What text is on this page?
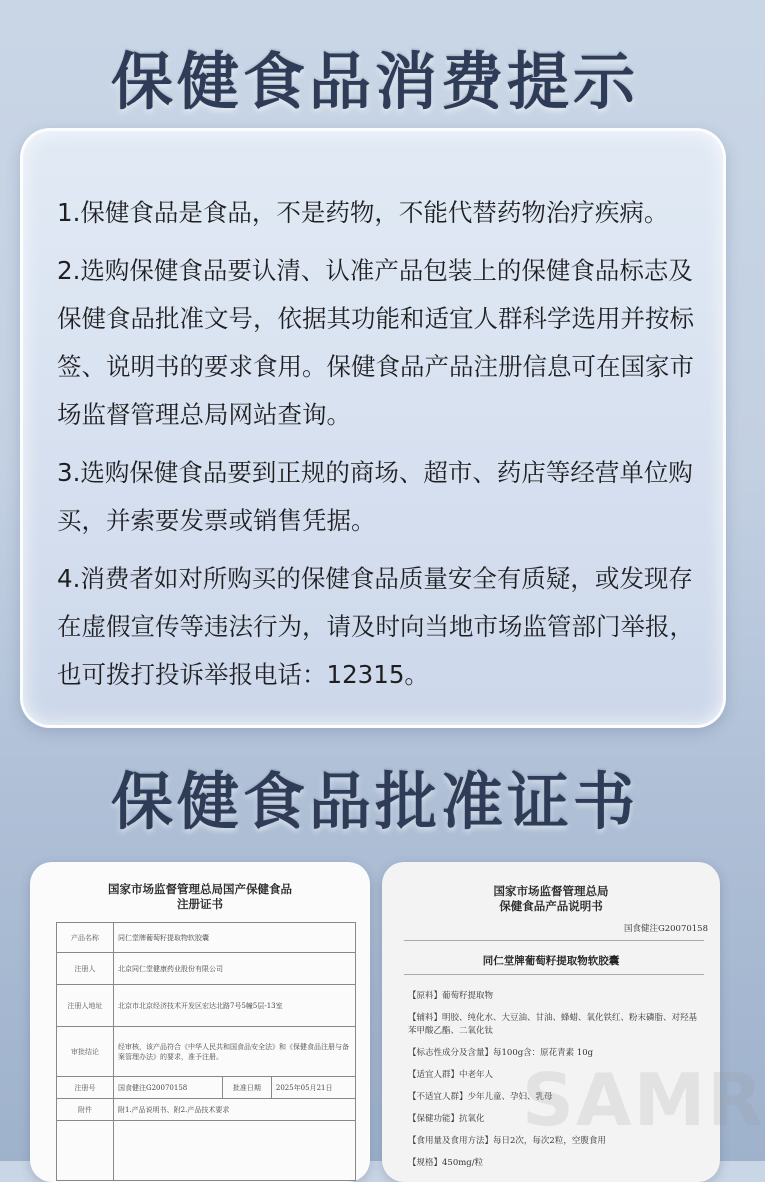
保健食品消费提示

1.保健食品是食品，不是药物，不能代替药物治疗疾病。

2.选购保健食品要认清、认准产品包装上的保健食品标志及保健食品批准文号，依据其功能和适宜人群科学选用并按标签、说明书的要求食用。保健食品产品注册信息可在国家市场监督管理总局网站查询。

3.选购保健食品要到正规的商场、超市、药店等经营单位购买，并索要发票或销售凭据。

4.消费者如对所购买的保健食品质量安全有质疑，或发现存在虚假宣传等违法行为，请及时向当地市场监管部门举报，也可拨打投诉举报电话：12315。

保健食品批准证书
国家市场监督管理总局国产保健食品
注册证书
产品名称	同仁堂牌葡萄籽提取物软胶囊		
注册人	北京同仁堂健康药业股份有限公司		
注册人地址	北京市北京经济技术开发区宏达北路7号5幢5层-13室		
审批结论	经审核，该产品符合《中华人民共和国食品安全法》和《保健食品注册与备案管理办法》的要求，准予注册。		
注册号	国食健注G20070158	批准日期	2025年05月21日
附件	附1.产品说明书、附2.产品技术要求		

国家市场监督管理总局
保健食品产品说明书
国食健注G20070158
同仁堂牌葡萄籽提取物软胶囊
【原料】葡萄籽提取物
【辅料】明胶、纯化水、大豆油、甘油、蜂蜡、氧化铁红、粉末磷脂、对羟基苯甲酸乙酯、二氧化钛
【标志性成分及含量】每100g含：原花青素 10g
【适宜人群】中老年人
【不适宜人群】少年儿童、孕妇、乳母
【保健功能】抗氧化
【食用量及食用方法】每日2次，每次2粒，空腹食用
【规格】450mg/粒
SAMR
